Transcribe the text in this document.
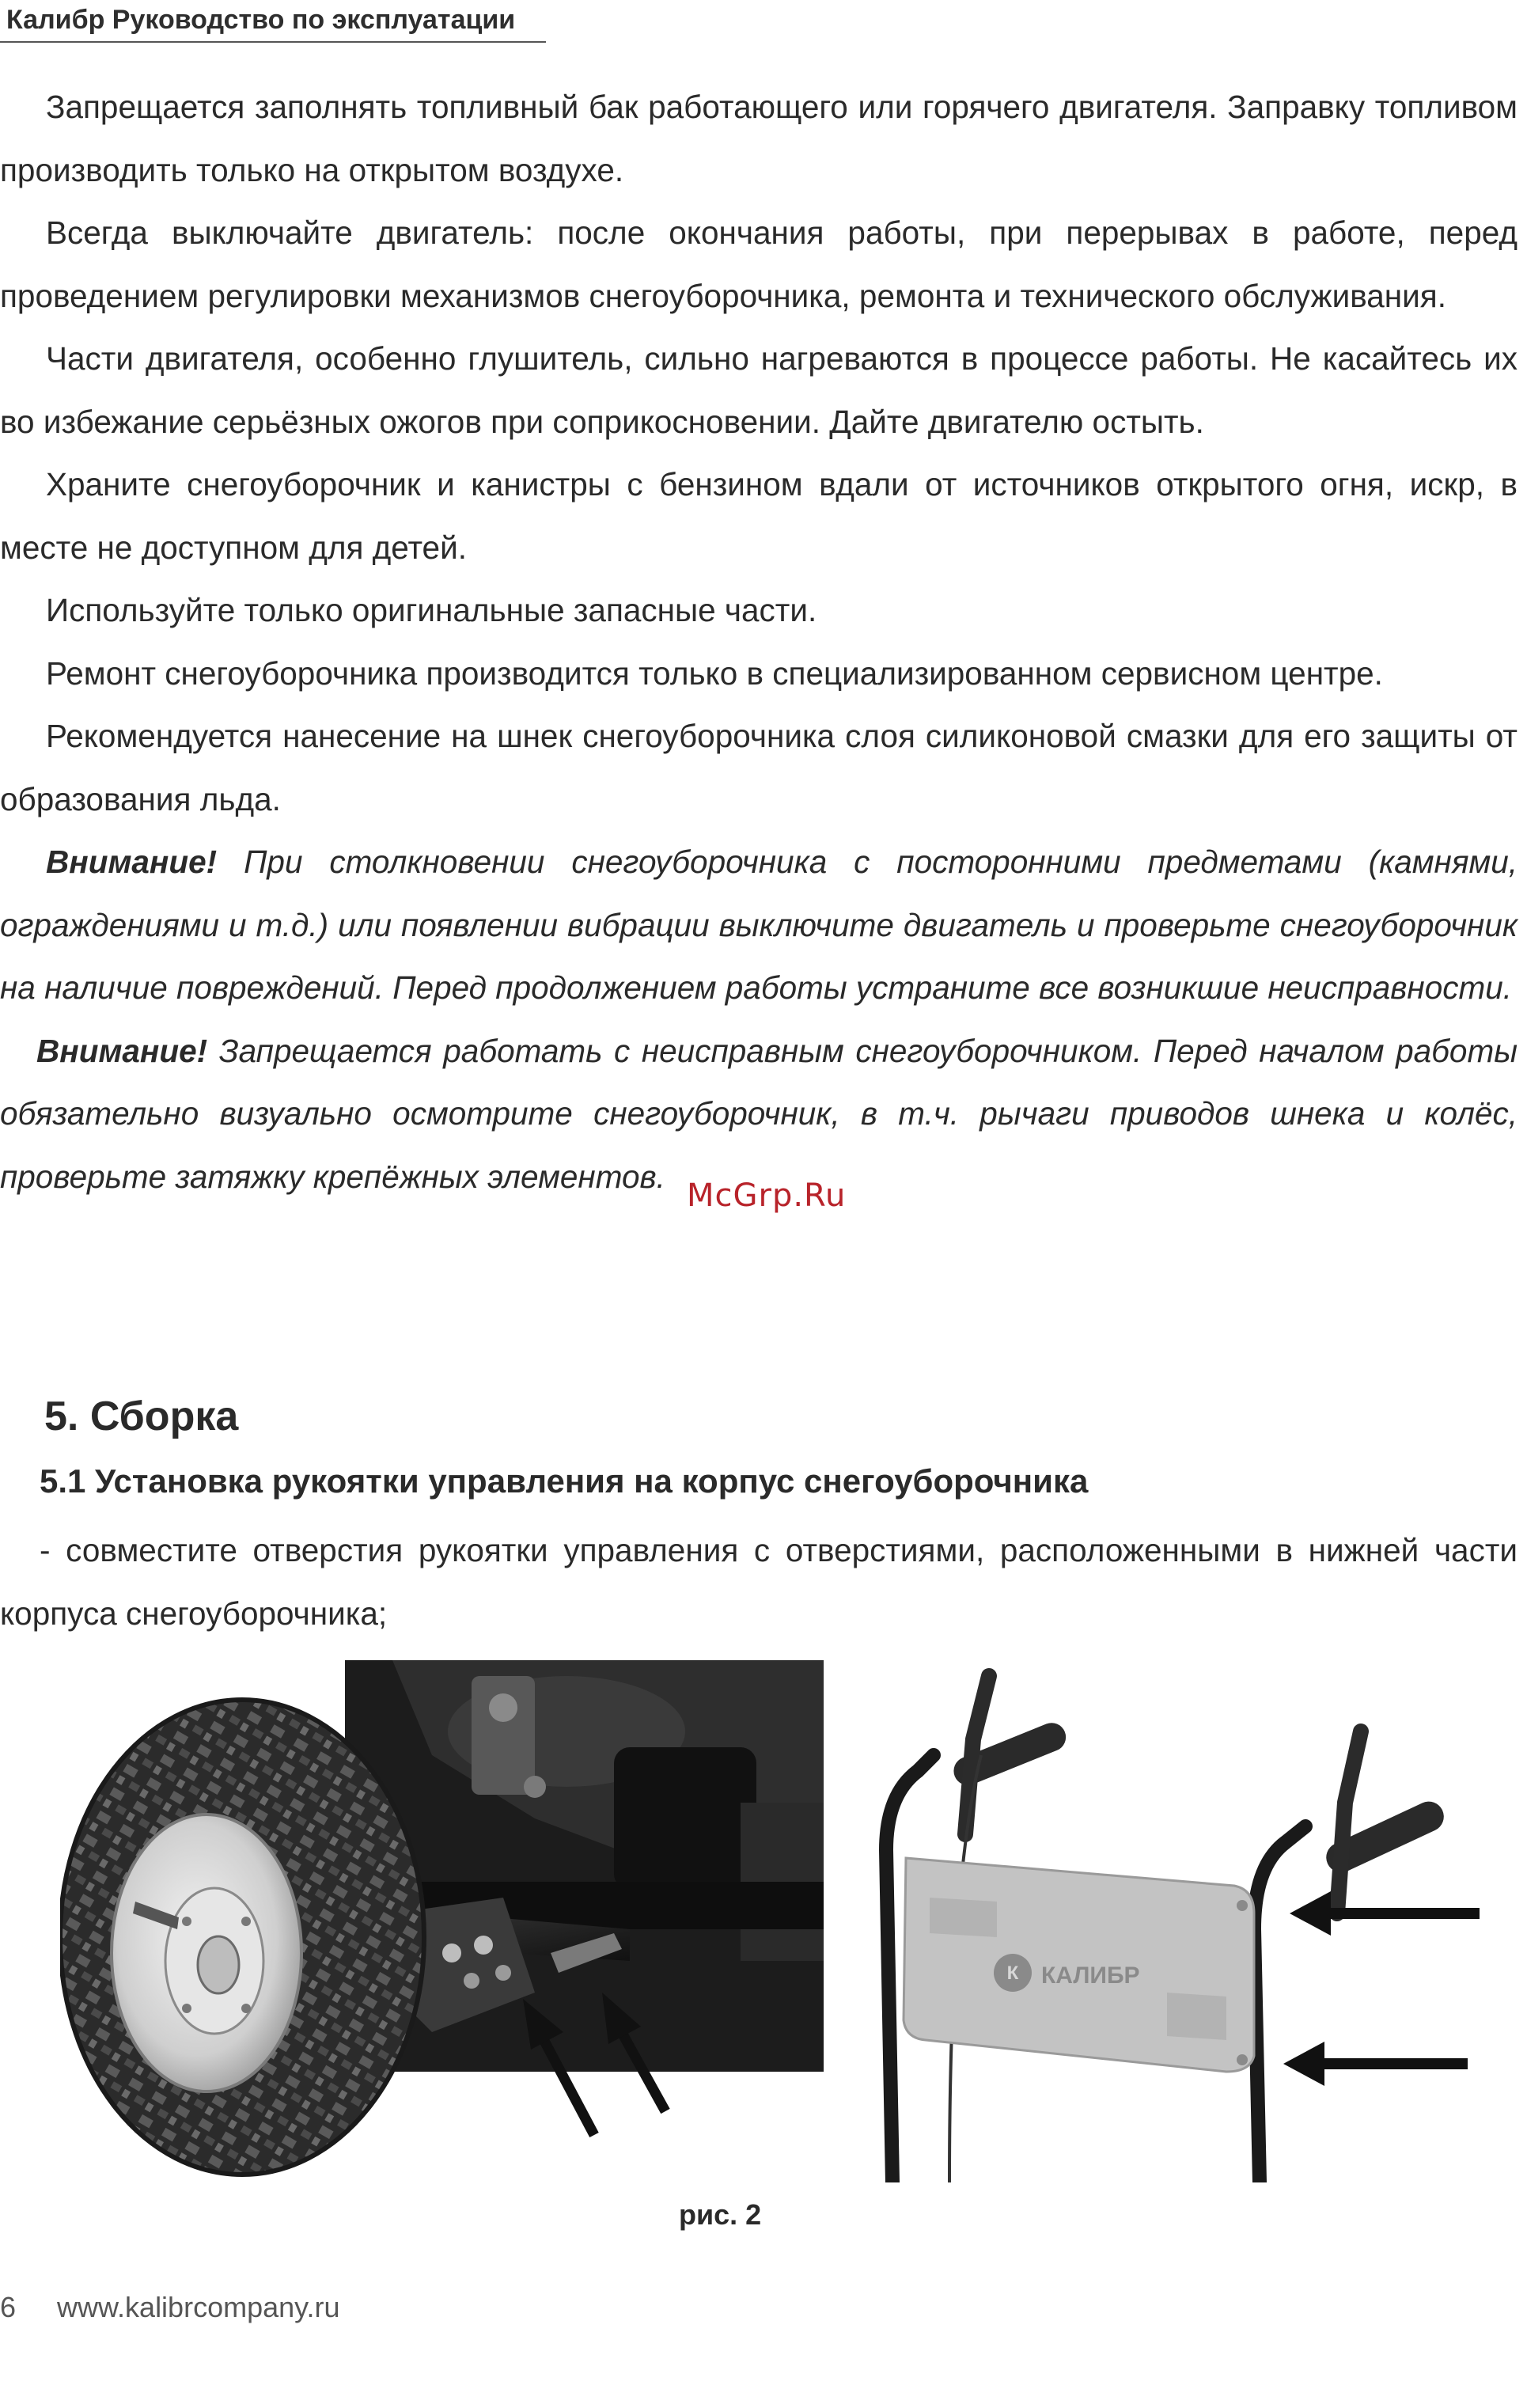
Калибр Руководство по эксплуатации

Запрещается заполнять топливный бак работающего или горячего двигателя. Заправку топливом производить только на открытом воздухе.

Всегда выключайте двигатель: после окончания работы, при перерывах в работе, перед проведением регулировки механизмов снегоуборочника, ремонта и технического обслуживания.

Части двигателя, особенно глушитель, сильно нагреваются в процессе работы. Не касайтесь их во избежание серьёзных ожогов при соприкосновении. Дайте двигателю остыть.

Храните снегоуборочник и канистры с бензином вдали от источников открытого огня, искр, в месте не доступном для детей.

Используйте только оригинальные запасные части.

Ремонт снегоуборочника производится только в специализированном сервисном центре.

Рекомендуется нанесение на шнек снегоуборочника слоя силиконовой смазки для его защиты от образования льда.

Внимание! При столкновении снегоуборочника с посторонними предметами (камнями, ограждениями и т.д.) или появлении вибрации выключите двигатель и проверьте снегоуборочник на наличие повреждений. Перед продолжением работы устраните все возникшие неисправности.

Внимание! Запрещается работать с неисправным снегоуборочником. Перед началом работы обязательно визуально осмотрите снегоуборочник, в т.ч. рычаги приводов шнека и колёс, проверьте затяжку крепёжных элементов.

McGrp.Ru
5. Сборка
5.1 Установка рукоятки управления на корпус снегоуборочника

- совместите отверстия рукоятки управления с отверстиями, расположенными в нижней части корпуса снегоуборочника;

К КАЛИБР
рис. 2
6 www.kalibrcompany.ru
